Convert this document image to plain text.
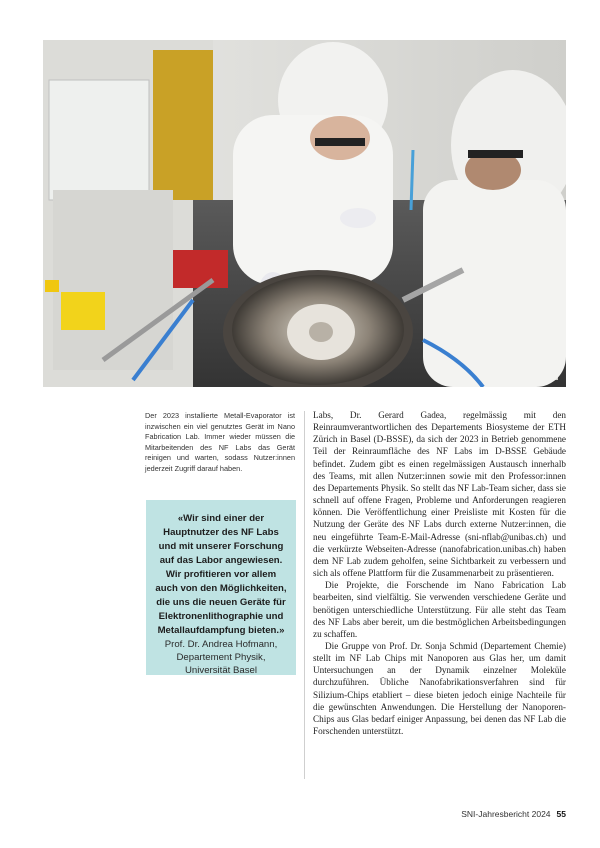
Der 2023 installierte Metall-Evaporator ist inzwischen ein viel genutztes Gerät im Nano Fabrication Lab. Immer wieder müssen die Mitarbeitenden des NF Labs das Gerät reinigen und warten, sodass Nutzer:innen jederzeit Zugriff darauf haben.
«Wir sind einer der Hauptnutzer des NF Labs und mit unserer Forschung auf das Labor angewiesen. Wir profitieren vor allem auch von den Möglichkeiten, die uns die neuen Geräte für Elektronenlithographie und Metallaufdampfung bieten.»
Prof. Dr. Andrea Hofmann,
Departement Physik,
Universität Basel

Labs, Dr. Gerard Gadea, regelmässig mit den Reinraumverantwortlichen des Departements Biosysteme der ETH Zürich in Basel (D-BSSE), da sich der 2023 in Betrieb genommene Teil der Reinraumfläche des NF Labs im D-BSSE Gebäude befindet. Zudem gibt es einen regelmässigen Austausch innerhalb des Teams, mit allen Nutzer:innen sowie mit den Professor:innen des Departements Physik. So stellt das NF Lab-Team sicher, dass sie schnell auf offene Fragen, Probleme und Anforderungen reagieren können. Die Veröffentlichung einer Preisliste mit Kosten für die Nutzung der Geräte des NF Labs durch externe Nutzer:innen, die neu eingeführte Team-E-Mail-Adresse (sni-nflab@unibas.ch) und die verkürzte Webseiten-Adresse (nanofabrication.unibas.ch) haben dem NF Lab zudem geholfen, seine Sichtbarkeit zu verbessern und sich als offene Plattform für die Zusammenarbeit zu präsentieren.

Die Projekte, die Forschende im Nano Fabrication Lab bearbeiten, sind vielfältig. Sie verwenden verschiedene Geräte und benötigen unterschiedliche Unterstützung. Für alle steht das Team des NF Labs aber bereit, um die bestmöglichen Arbeitsbedingungen zu schaffen.

Die Gruppe von Prof. Dr. Sonja Schmid (Departement Chemie) stellt im NF Lab Chips mit Nanoporen aus Glas her, um damit Untersuchungen an der Dynamik einzelner Moleküle durchzuführen. Übliche Nanofabrikationsverfahren sind für Silizium-Chips etabliert – diese bieten jedoch einige Nachteile für die gewünschten Anwendungen. Die Herstellung der Nanoporen-Chips aus Glas bedarf einiger Anpassung, bei denen das NF Lab die Forschenden unterstützt.

SNI-Jahresbericht 2024 55
